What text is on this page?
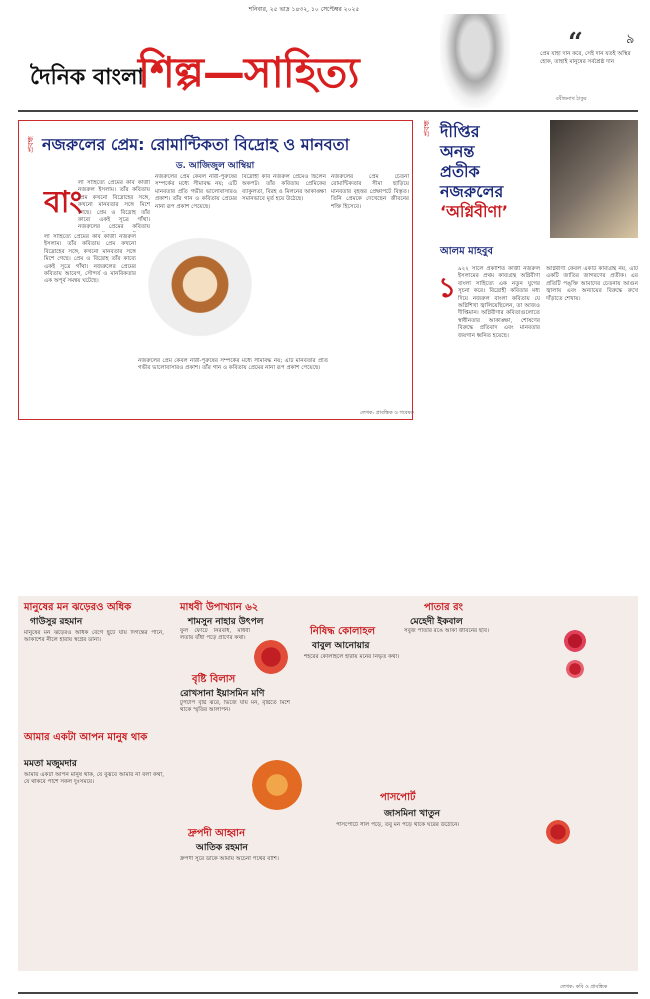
শনিবার, ২৫ ভাদ্র ১৪৩২, ১০ সেপ্টেম্বর ২০২৫
৯
দৈনিক বাংলা
শিল্প—সাহিত্য
“
প্রেম যাহা দান করে, সেই দান যতই অস্থির হোক, তাহাই মানুষের সর্বশ্রেষ্ঠ দান
রবীন্দ্রনাথ ঠাকুর
প্রবন্ধ নজরুলের প্রেম: রোমান্টিকতা বিদ্রোহ ও মানবতা
ড. আজিজুল আম্বিয়া
বাং
লা সাহিত্যে প্রেমের কবি কাজী নজরুল ইসলাম। তাঁর কবিতায় প্রেম কখনো বিদ্রোহের সঙ্গে, কখনো মানবতার সঙ্গে মিশে গেছে। প্রেম ও বিদ্রোহ তাঁর কাব্যে একই সূত্রে গাঁথা। নজরুলের প্রেমের কবিতায়
লা সাহিত্যে প্রেমের কবি কাজী নজরুল ইসলাম। তাঁর কবিতায় প্রেম কখনো বিদ্রোহের সঙ্গে, কখনো মানবতার সঙ্গে মিশে গেছে। প্রেম ও বিদ্রোহ তাঁর কাব্যে একই সূত্রে গাঁথা। নজরুলের প্রেমের কবিতায় আবেগ, সৌন্দর্য ও মানবিকতার এক অপূর্ব সমন্বয় ঘটেছে।
নজরুলের প্রেম কেবল নারী-পুরুষের সম্পর্কের মধ্যে সীমাবদ্ধ নয়; এটি মানবতার প্রতি গভীর ভালোবাসারও প্রকাশ। তাঁর গান ও কবিতায় প্রেমের নানা রূপ প্রকাশ পেয়েছে।
বিদ্রোহী কবি নজরুল প্রেমেও ছিলেন অকপট। তাঁর কবিতায় প্রেমিকের ব্যাকুলতা, বিরহ ও মিলনের আকাঙ্ক্ষা সমানভাবে মূর্ত হয়ে উঠেছে।
নজরুলের প্রেম চেতনা রোমান্টিকতার সীমা ছাড়িয়ে মানবতার বৃহত্তর প্রেক্ষাপটে বিস্তৃত। তিনি প্রেমকে দেখেছেন জীবনের শক্তি হিসেবে।
নজরুলের প্রেম কেবল নারী-পুরুষের সম্পর্কের মধ্যে সীমাবদ্ধ নয়; এটি মানবতার প্রতি গভীর ভালোবাসারও প্রকাশ। তাঁর গান ও কবিতায় প্রেমের নানা রূপ প্রকাশ পেয়েছে।
লেখক: প্রাবন্ধিক ও গবেষক
প্রবন্ধ দীপ্তির
অনন্ত
প্রতীক
নজরুলের
‘অগ্নিবীণা’
আলম মাহবুব
১
৯২২ সালে প্রকাশিত কাজী নজরুল ইসলামের প্রথম কাব্যগ্রন্থ অগ্নিবীণা বাংলা সাহিত্যে এক নতুন যুগের সূচনা করে। বিদ্রোহী কবিতার মধ্য দিয়ে নজরুল বাংলা কবিতায় যে অগ্নিশিখা জ্বালিয়েছিলেন, তা আজও দীপ্তিমান। অগ্নিবীণার কবিতাগুলোতে স্বাধীনতার আকাঙ্ক্ষা, শোষণের বিরুদ্ধে প্রতিবাদ এবং মানবতার জয়গান ধ্বনিত হয়েছে।
অগ্নিবীণা কেবল একটি কাব্যগ্রন্থ নয়, এটি একটি জাতির জাগরণের প্রতীক। এর প্রতিটি পঙ্‌ক্তি আমাদের চেতনায় আগুন জ্বালায় এবং অন্যায়ের বিরুদ্ধে রুখে দাঁড়াতে শেখায়।
মানুষের মন ঝড়েরও অধিক
গাউসুর রহমান
মানুষের মন ঝড়েরও অধিক বেগে ছুটে যায় দিগন্তের পানে, আকাশের নীলে হারায় স্বপ্নের ডানা।
আমার একটা আপন মানুষ থাক
মমতা মজুমদার
আমার একটা আপন মানুষ থাক, যে বুঝবে আমার না বলা কথা, যে থাকবে পাশে সকল দুঃসময়ে।
মাধবী উপাখ্যান ৬২
শামসুন নাহার উৎপল
ফুল ফোটে নিরবধি, মাধবী লতায় বাঁধা পড়ে প্রাণের কথা।
বৃষ্টি বিলাস
রোখসানা ইয়াসমিন মণি
টুপটাপ বৃষ্টি ঝরে, ভিজে যায় মন, বৃষ্টিতে মিশে থাকে স্মৃতির আলাপন।
দ্রুপদী আহ্বান
আতিক রহমান
দ্রুপদী সুরে ডাকে আমায় অচেনা পথের বাঁশি।
নিষিদ্ধ কোলাহল
বাবুল আনোয়ার
শহরের কোলাহলে হারায় মনের নিভৃত কথা।
পাতার রং
মেহেদী ইকবাল
সবুজ পাতার রঙে আঁকা জীবনের ছবি।
পাসপোর্ট
জাসমিনা খাতুন
পাসপোর্টে সীল পড়ে, তবু মন পড়ে থাকে ঘরের উঠোনে।
লেখক: কবি ও প্রাবন্ধিক
